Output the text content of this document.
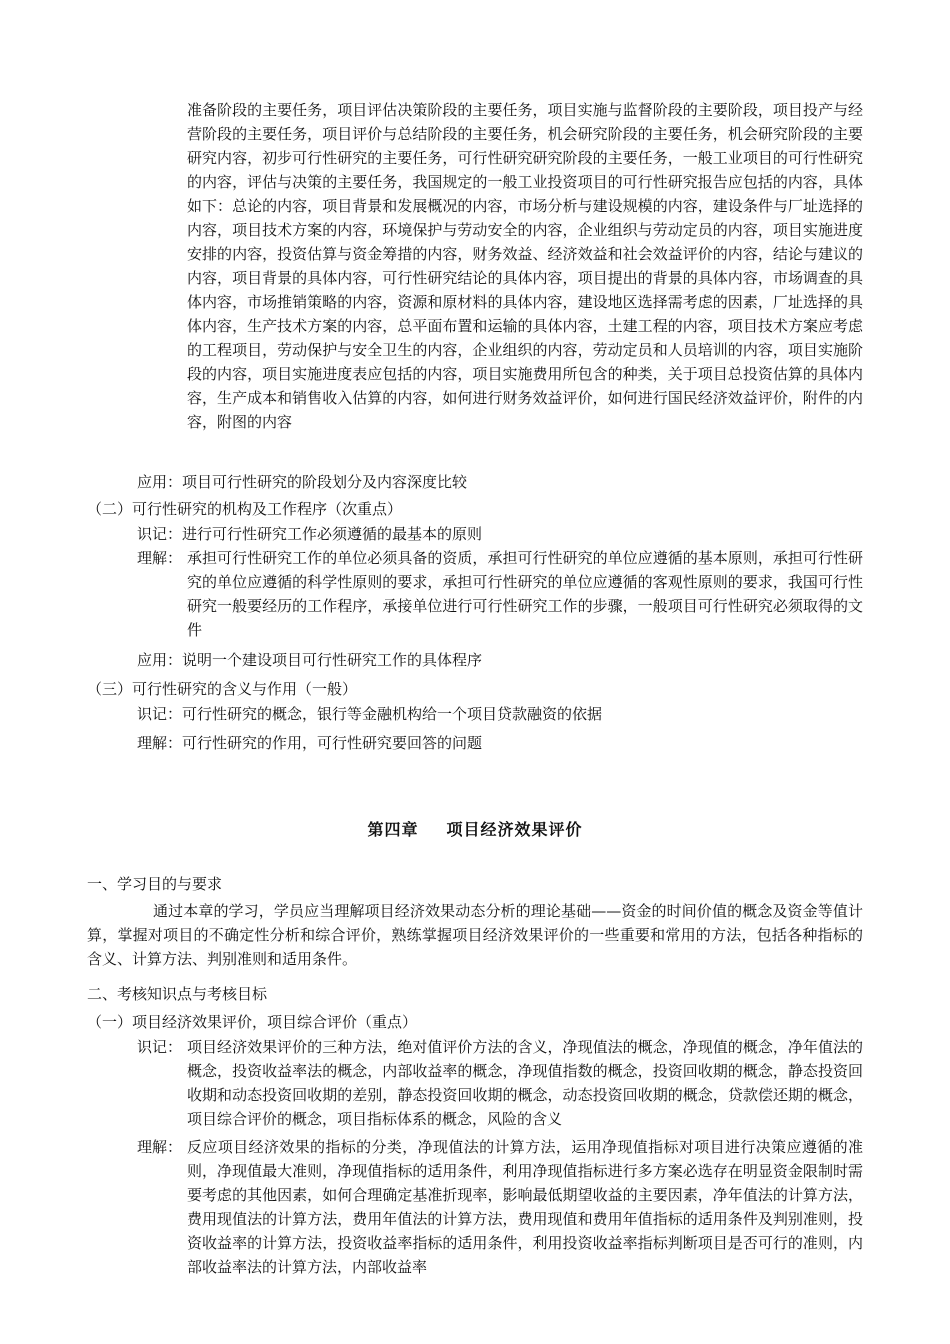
准备阶段的主要任务，项目评估决策阶段的主要任务，项目实施与监督阶段的主要阶段，项目投产与经营阶段的主要任务，项目评价与总结阶段的主要任务，机会研究阶段的主要任务，机会研究阶段的主要研究内容，初步可行性研究的主要任务，可行性研究研究阶段的主要任务，一般工业项目的可行性研究的内容，评估与决策的主要任务，我国规定的一般工业投资项目的可行性研究报告应包括的内容，具体如下：总论的内容，项目背景和发展概况的内容，市场分析与建设规模的内容，建设条件与厂址选择的内容，项目技术方案的内容，环境保护与劳动安全的内容，企业组织与劳动定员的内容，项目实施进度安排的内容，投资估算与资金筹措的内容，财务效益、经济效益和社会效益评价的内容，结论与建议的内容，项目背景的具体内容，可行性研究结论的具体内容，项目提出的背景的具体内容，市场调查的具体内容，市场推销策略的内容，资源和原材料的具体内容，建设地区选择需考虑的因素，厂址选择的具体内容，生产技术方案的内容，总平面布置和运输的具体内容，土建工程的内容，项目技术方案应考虑的工程项目，劳动保护与安全卫生的内容，企业组织的内容，劳动定员和人员培训的内容，项目实施阶段的内容，项目实施进度表应包括的内容，项目实施费用所包含的种类，关于项目总投资估算的具体内容，生产成本和销售收入估算的内容，如何进行财务效益评价，如何进行国民经济效益评价，附件的内容，附图的内容
应用：项目可行性研究的阶段划分及内容深度比较
（二）可行性研究的机构及工作程序（次重点）
识记：进行可行性研究工作必须遵循的最基本的原则
理解： 承担可行性研究工作的单位必须具备的资质，承担可行性研究的单位应遵循的基本原则，承担可行性研究的单位应遵循的科学性原则的要求，承担可行性研究的单位应遵循的客观性原则的要求，我国可行性研究一般要经历的工作程序，承接单位进行可行性研究工作的步骤，一般项目可行性研究必须取得的文件
应用：说明一个建设项目可行性研究工作的具体程序
（三）可行性研究的含义与作用（一般）
识记：可行性研究的概念，银行等金融机构给一个项目贷款融资的依据
理解：可行性研究的作用，可行性研究要回答的问题
第四章 项目经济效果评价
一、学习目的与要求
通过本章的学习，学员应当理解项目经济效果动态分析的理论基础——资金的时间价值的概念及资金等值计算，掌握对项目的不确定性分析和综合评价，熟练掌握项目经济效果评价的一些重要和常用的方法，包括各种指标的含义、计算方法、判别准则和适用条件。
二、考核知识点与考核目标
（一）项目经济效果评价，项目综合评价（重点）
识记： 项目经济效果评价的三种方法，绝对值评价方法的含义，净现值法的概念，净现值的概念，净年值法的概念，投资收益率法的概念，内部收益率的概念，净现值指数的概念，投资回收期的概念，静态投资回收期和动态投资回收期的差别，静态投资回收期的概念，动态投资回收期的概念，贷款偿还期的概念，项目综合评价的概念，项目指标体系的概念，风险的含义
理解： 反应项目经济效果的指标的分类，净现值法的计算方法，运用净现值指标对项目进行决策应遵循的准则，净现值最大准则，净现值指标的适用条件，利用净现值指标进行多方案必选存在明显资金限制时需要考虑的其他因素，如何合理确定基准折现率，影响最低期望收益的主要因素，净年值法的计算方法，费用现值法的计算方法，费用年值法的计算方法，费用现值和费用年值指标的适用条件及判别准则，投资收益率的计算方法，投资收益率指标的适用条件，利用投资收益率指标判断项目是否可行的准则，内部收益率法的计算方法，内部收益率
